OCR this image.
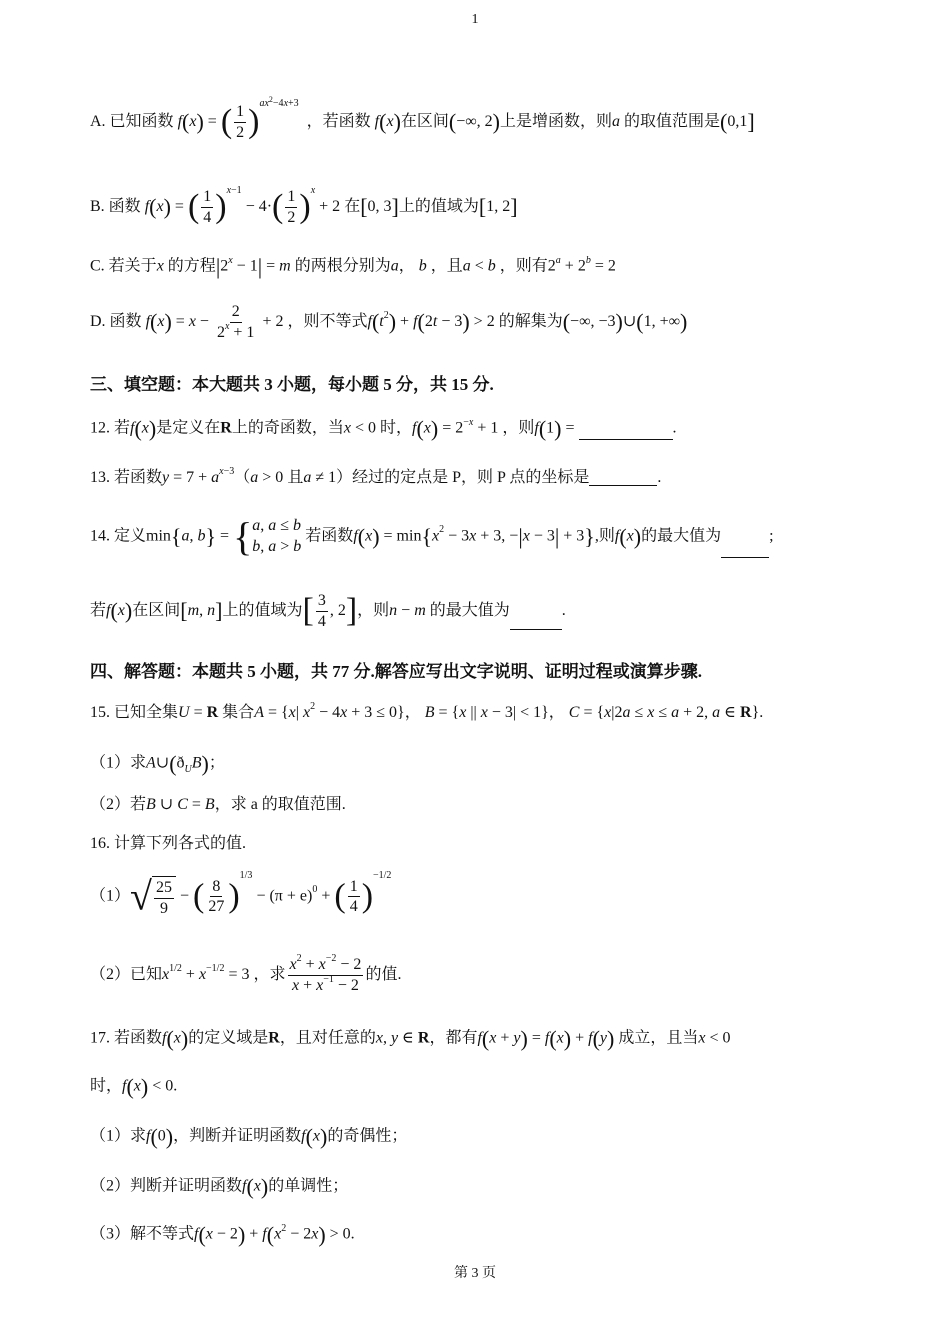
1
A. 已知函数 f(x) = ( $\frac{1}{2} )^{ax^2-4x+3}$  ，若函数 f(x)在区间(−∞, 2)上是增函数，则a 的取值范围是(0,1]
B. 函数 f(x) = ( $\frac{1}{4} )^{x-1} - 4\cdot( \frac{1}{2} )^x + 2$ 在[0, 3]上的值域为[1, 2]
C. 若关于x 的方程$|2^x - 1| = m$ 的两根分别为a， b ，且a < b ，则有$2^a + 2^b = 2$
D. 函数 $f(x) = x - \frac{2}{2^x + 1} + 2$ ，则不等式$f(t^2) + f(2t - 3) > 2$ 的解集为(−∞, −3)∪(1, +∞)
三、填空题：本大题共 3 小题，每小题 5 分，共 15 分.
12. 若f(x)是定义在R上的奇函数，当x < 0 时，$f(x) = 2^{-x} + 1$ ，则f(1) =	.
13. 若函数$y = 7 + a^{x-3}(a > 0$ 且a ≠ 1）经过的定点是 P，则 P 点的坐标是	.
14. 定义min{a, b} = { a, a ≤ b
b, a > b
若函数$f(x) = \min\{x^2 - 3x + 3$, −|x − 3| + 3},则f(x)的最大值为	;
若f(x)在区间[m, n]上的值域为[ $\frac{3}{4}$ , 2]，则n − m 的最大值为	.
四、解答题：本题共 5 小题，共 77 分.解答应写出文字说明、证明过程或演算步骤.
15. 已知全集U = R 集合A = {x| $x^2 - 4x + 3 \le 0$}， B = {x || x − 3| < 1}， C = {x|2a ≤ x ≤ a + 2, a ∈ R}.
（1）求$A\cup(ð_UB)$；
（2）若B ∪ C = B，求 a 的取值范围.
16. 计算下列各式的值.
$(1)√ \frac{25}{9}$ − ( $\frac{8}{27} )^{1/3} - (\pi + e)^0$ + ( $\frac{1}{4} )^{-1/2}$
（2）已知$x^{1/2} + x^{-1/2} = 3$ ，求 $\frac{x^2 + x^{-2} - 2}{x + x^{-1} - 2}$ 的值.
17. 若函数f(x)的定义域是R，且对任意的x, y ∈ R，都有f(x + y) = f(x) + f(y) 成立，且当x < 0
时，f(x) < 0.
（1）求f(0)，判断并证明函数f(x)的奇偶性；
（2）判断并证明函数f(x)的单调性；
（3）解不等式$f(x - 2) + f(x^2 - 2x) > 0$.
第 3 页
